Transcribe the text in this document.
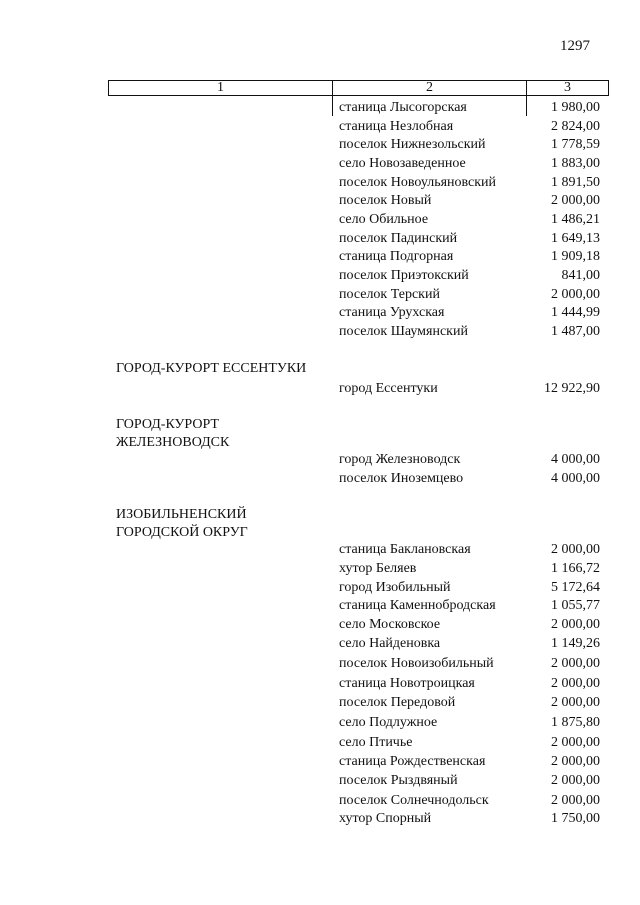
1297
1	2	3
станица Лысогорская	1 980,00
станица Незлобная	2 824,00
поселок Нижнезольский	1 778,59
село Новозаведенное	1 883,00
поселок Новоульяновский	1 891,50
поселок Новый	2 000,00
село Обильное	1 486,21
поселок Падинский	1 649,13
станица Подгорная	1 909,18
поселок Приэтокский	841,00
поселок Терский	2 000,00
станица Урухская	1 444,99
поселок Шаумянский	1 487,00
ГОРОД-КУРОРТ ЕССЕНТУКИ
город Ессентуки	12 922,90
ГОРОД-КУРОРТ
ЖЕЛЕЗНОВОДСК
город Железноводск	4 000,00
поселок Иноземцево	4 000,00
ИЗОБИЛЬНЕНСКИЙ
ГОРОДСКОЙ ОКРУГ
станица Баклановская	2 000,00
хутор Беляев	1 166,72
город Изобильный	5 172,64
станица Каменнобродская	1 055,77
село Московское	2 000,00
село Найденовка	1 149,26
поселок Новоизобильный	2 000,00
станица Новотроицкая	2 000,00
поселок Передовой	2 000,00
село Подлужное	1 875,80
село Птичье	2 000,00
станица Рождественская	2 000,00
поселок Рыздвяный	2 000,00
поселок Солнечнодольск	2 000,00
хутор Спорный	1 750,00
